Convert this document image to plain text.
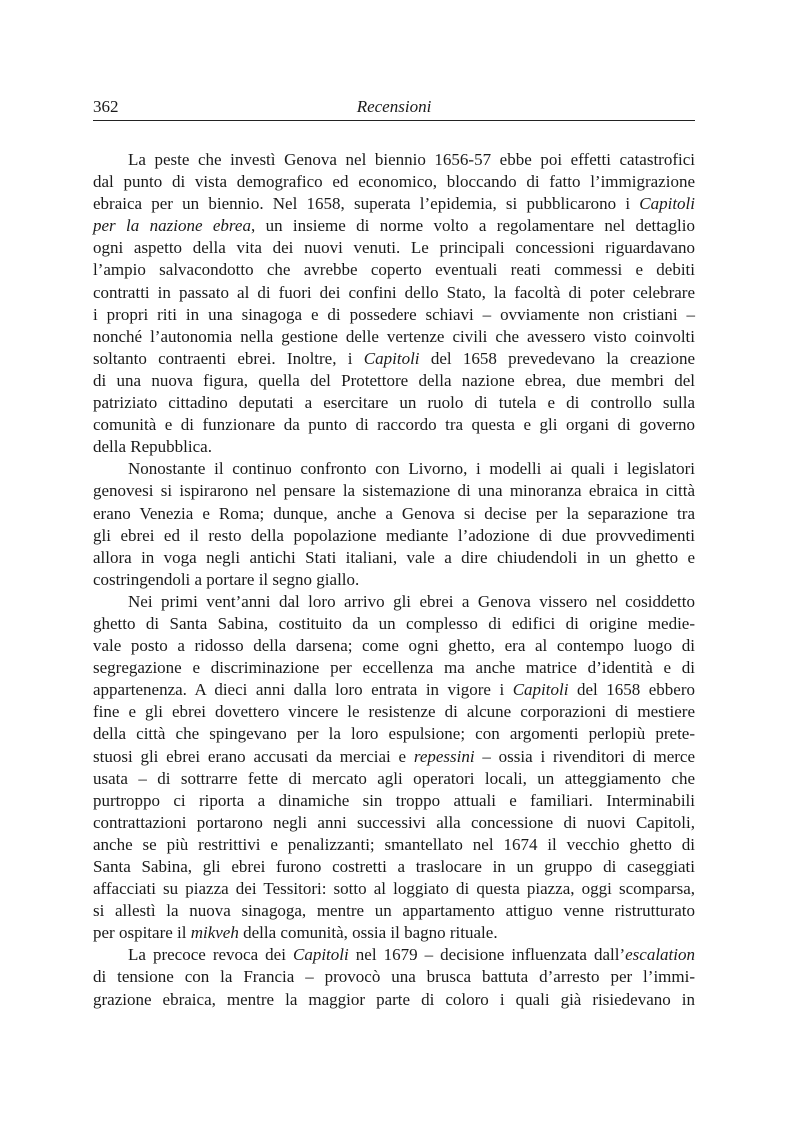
362	Recensioni
La peste che investì Genova nel biennio 1656-57 ebbe poi effetti catastrofici
dal punto di vista demografico ed economico, bloccando di fatto l’immigrazione
ebraica per un biennio. Nel 1658, superata l’epidemia, si pubblicarono i Capitoli
per la nazione ebrea, un insieme di norme volto a regolamentare nel dettaglio
ogni aspetto della vita dei nuovi venuti. Le principali concessioni riguardavano
l’ampio salvacondotto che avrebbe coperto eventuali reati commessi e debiti
contratti in passato al di fuori dei confini dello Stato, la facoltà di poter celebrare
i propri riti in una sinagoga e di possedere schiavi – ovviamente non cristiani –
nonché l’autonomia nella gestione delle vertenze civili che avessero visto coinvolti
soltanto contraenti ebrei. Inoltre, i Capitoli del 1658 prevedevano la creazione
di una nuova figura, quella del Protettore della nazione ebrea, due membri del
patriziato cittadino deputati a esercitare un ruolo di tutela e di controllo sulla
comunità e di funzionare da punto di raccordo tra questa e gli organi di governo
della Repubblica.
Nonostante il continuo confronto con Livorno, i modelli ai quali i legislatori
genovesi si ispirarono nel pensare la sistemazione di una minoranza ebraica in città
erano Venezia e Roma; dunque, anche a Genova si decise per la separazione tra
gli ebrei ed il resto della popolazione mediante l’adozione di due provvedimenti
allora in voga negli antichi Stati italiani, vale a dire chiudendoli in un ghetto e
costringendoli a portare il segno giallo.
Nei primi vent’anni dal loro arrivo gli ebrei a Genova vissero nel cosiddetto
ghetto di Santa Sabina, costituito da un complesso di edifici di origine medie-
vale posto a ridosso della darsena; come ogni ghetto, era al contempo luogo di
segregazione e discriminazione per eccellenza ma anche matrice d’identità e di
appartenenza. A dieci anni dalla loro entrata in vigore i Capitoli del 1658 ebbero
fine e gli ebrei dovettero vincere le resistenze di alcune corporazioni di mestiere
della città che spingevano per la loro espulsione; con argomenti perlopiù prete-
stuosi gli ebrei erano accusati da merciai e repessini – ossia i rivenditori di merce
usata – di sottrarre fette di mercato agli operatori locali, un atteggiamento che
purtroppo ci riporta a dinamiche sin troppo attuali e familiari. Interminabili
contrattazioni portarono negli anni successivi alla concessione di nuovi Capitoli,
anche se più restrittivi e penalizzanti; smantellato nel 1674 il vecchio ghetto di
Santa Sabina, gli ebrei furono costretti a traslocare in un gruppo di caseggiati
affacciati su piazza dei Tessitori: sotto al loggiato di questa piazza, oggi scomparsa,
si allestì la nuova sinagoga, mentre un appartamento attiguo venne ristrutturato
per ospitare il mikveh della comunità, ossia il bagno rituale.
La precoce revoca dei Capitoli nel 1679 – decisione influenzata dall’escalation
di tensione con la Francia – provocò una brusca battuta d’arresto per l’immi-
grazione ebraica, mentre la maggior parte di coloro i quali già risiedevano in
